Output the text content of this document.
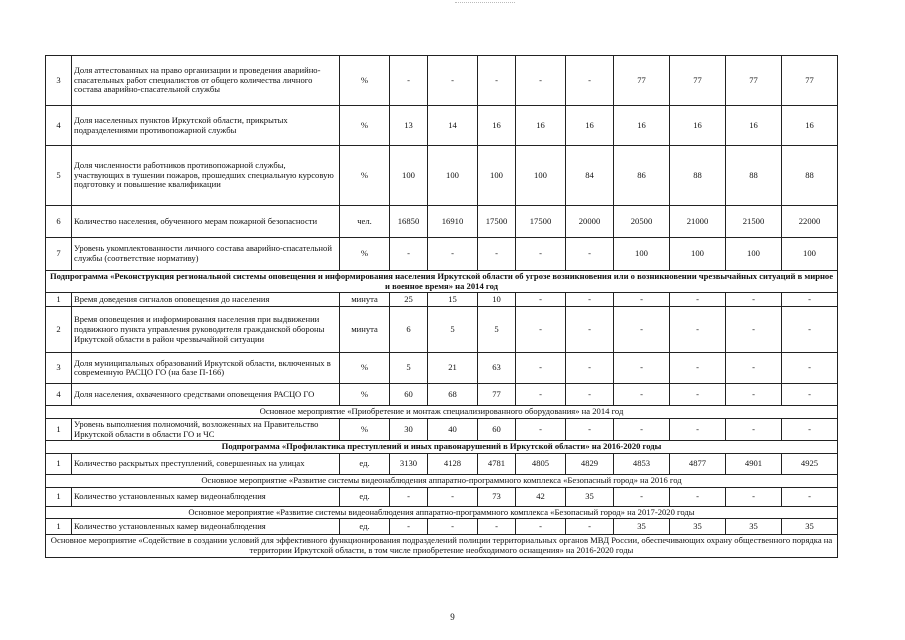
3	Доля аттестованных на право организации и проведения аварийно-спасательных работ специалистов от общего количества личного состава аварийно-спасательной службы	%	-	-	-	-	-	77	77	77	77
4	Доля населенных пунктов Иркутской области, прикрытых подразделениями противопожарной службы	%	13	14	16	16	16	16	16	16	16
5	Доля численности работников противопожарной службы, участвующих в тушении пожаров, прошедших специальную курсовую подготовку и повышение квалификации	%	100	100	100	100	84	86	88	88	88
6	Количество населения, обученного мерам пожарной безопасности	чел.	16850	16910	17500	17500	20000	20500	21000	21500	22000
7	Уровень укомплектованности личного состава аварийно-спасательной службы (соответствие нормативу)	%	-	-	-	-	-	100	100	100	100
Подпрограмма «Реконструкция региональной системы оповещения и информирования населения Иркутской области об угрозе возникновения или о возникновении чрезвычайных ситуаций в мирное и военное время» на 2014 год											
1	Время доведения сигналов оповещения до населения	минута	25	15	10	-	-	-	-	-	-
2	Время оповещения и информирования населения при выдвижении подвижного пункта управления руководителя гражданской обороны Иркутской области в район чрезвычайной ситуации	минута	6	5	5	-	-	-	-	-	-
3	Доля муниципальных образований Иркутской области, включенных в современную РАСЦО ГО (на базе П-166)	%	5	21	63	-	-	-	-	-	-
4	Доля населения, охваченного средствами оповещения РАСЦО ГО	%	60	68	77	-	-	-	-	-	-
Основное мероприятие «Приобретение и монтаж специализированного оборудования» на 2014 год											
1	Уровень выполнения полномочий, возложенных на Правительство Иркутской области в области ГО и ЧС	%	30	40	60	-	-	-	-	-	-
Подпрограмма «Профилактика преступлений и иных правонарушений в Иркутской области» на 2016-2020 годы											
1	Количество раскрытых преступлений, совершенных на улицах	ед.	3130	4128	4781	4805	4829	4853	4877	4901	4925
Основное мероприятие «Развитие системы видеонаблюдения аппаратно-программного комплекса «Безопасный город» на 2016 год											
1	Количество установленных камер видеонаблюдения	ед.	-	-	73	42	35	-	-	-	-
Основное мероприятие «Развитие системы видеонаблюдения аппаратно-программного комплекса «Безопасный город» на 2017-2020 годы											
1	Количество установленных камер видеонаблюдения	ед.	-	-	-	-	-	35	35	35	35
Основное мероприятие «Содействие в создании условий для эффективного функционирования подразделений полиции территориальных органов МВД России, обеспечивающих охрану общественного порядка на территории Иркутской области, в том числе приобретение необходимого оснащения» на 2016-2020 годы											
9
